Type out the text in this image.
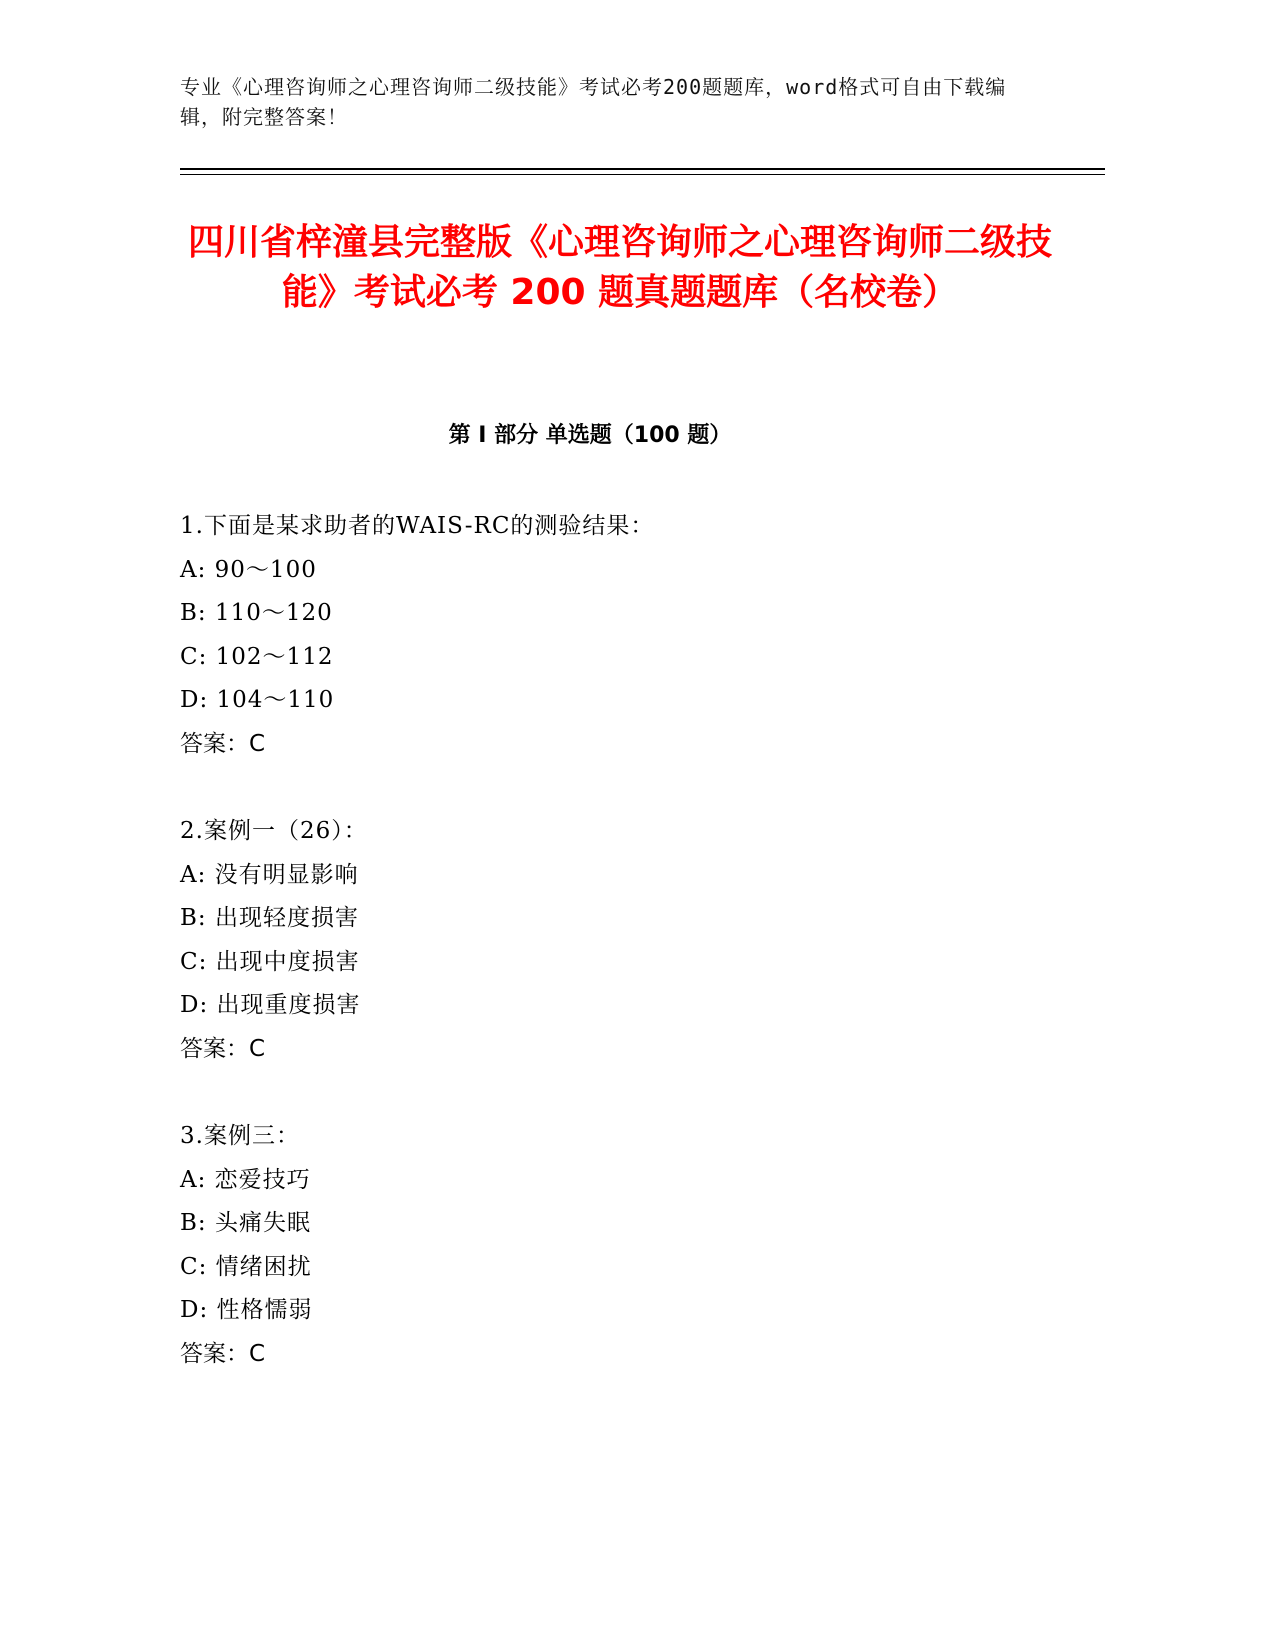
专业《心理咨询师之心理咨询师二级技能》考试必考200题题库，word格式可自由下载编辑，附完整答案！
四川省梓潼县完整版《心理咨询师之心理咨询师二级技能》考试必考 200 题真题题库（名校卷）
第 I 部分 单选题（100 题）
1.下面是某求助者的WAIS-RC的测验结果：
A: 90～100
B: 110～120
C: 102～112
D: 104～110
答案：C
2.案例一（26）：
A: 没有明显影响
B: 出现轻度损害
C: 出现中度损害
D: 出现重度损害
答案：C
3.案例三：
A: 恋爱技巧
B: 头痛失眠
C: 情绪困扰
D: 性格懦弱
答案：C
